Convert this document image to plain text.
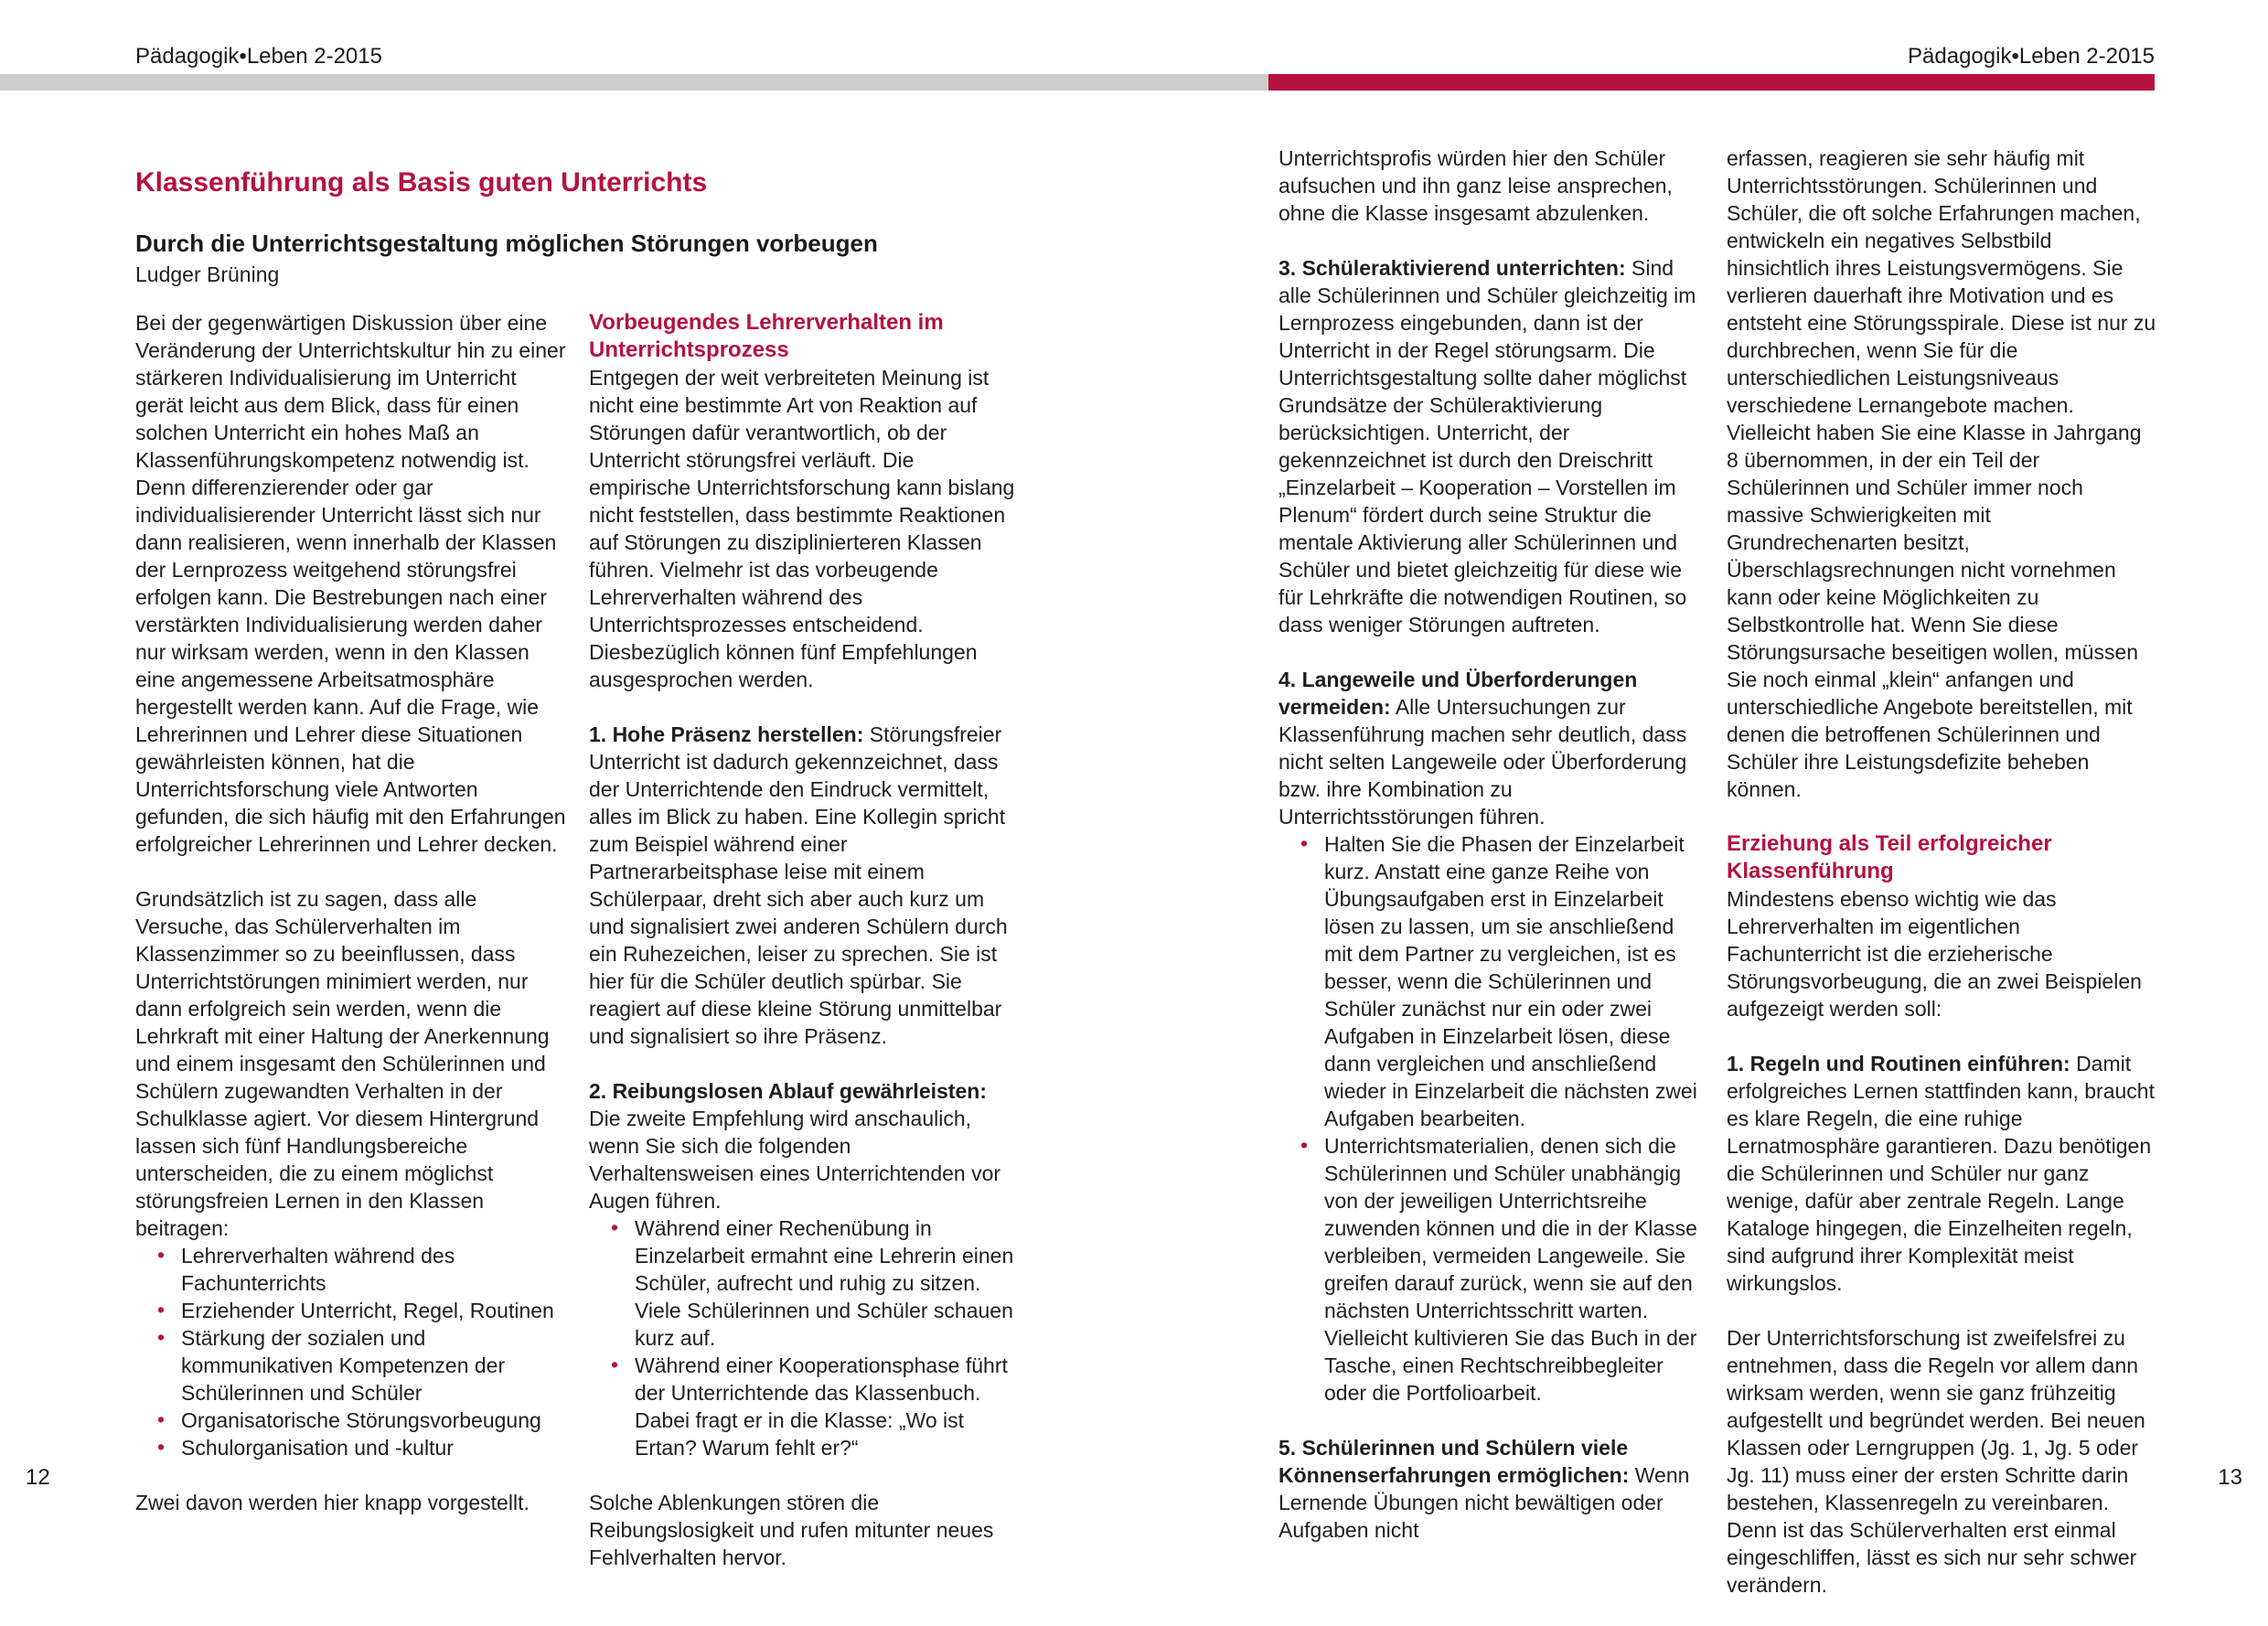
Pädagogik•Leben 2-2015	Pädagogik•Leben 2-2015
Klassenführung als Basis guten Unterrichts
Durch die Unterrichtsgestaltung möglichen Störungen vorbeugen
Ludger Brüning

Bei der gegenwärtigen Diskussion über eine Veränderung der Unterrichtskultur hin zu einer stärkeren Individualisierung im Unterricht gerät leicht aus dem Blick, dass für einen solchen Unterricht ein hohes Maß an Klassenführungskompetenz notwendig ist. Denn differenzierender oder gar individualisierender Unterricht lässt sich nur dann realisieren, wenn innerhalb der Klassen der Lernprozess weitgehend störungsfrei erfolgen kann. Die Bestrebungen nach einer verstärkten Individualisierung werden daher nur wirksam werden, wenn in den Klassen eine angemessene Arbeitsatmosphäre hergestellt werden kann. Auf die Frage, wie Lehrerinnen und Lehrer diese Situationen gewährleisten können, hat die Unterrichtsforschung viele Antworten gefunden, die sich häufig mit den Erfahrungen erfolgreicher Lehrerinnen und Lehrer decken.

Grundsätzlich ist zu sagen, dass alle Versuche, das Schülerverhalten im Klassenzimmer so zu beeinflussen, dass Unterrichtstörungen minimiert werden, nur dann erfolgreich sein werden, wenn die Lehrkraft mit einer Haltung der Anerkennung und einem insgesamt den Schülerinnen und Schülern zugewandten Verhalten in der Schulklasse agiert. Vor diesem Hintergrund lassen sich fünf Handlungsbereiche unterscheiden, die zu einem möglichst störungsfreien Lernen in den Klassen beitragen:

• Lehrerverhalten während des Fachunterrichts
• Erziehender Unterricht, Regel, Routinen
• Stärkung der sozialen und kommunikativen Kompetenzen der Schülerinnen und Schüler
• Organisatorische Störungsvorbeugung
• Schulorganisation und -kultur

Zwei davon werden hier knapp vorgestellt.

Vorbeugendes Lehrerverhalten im Unterrichtsprozess

Entgegen der weit verbreiteten Meinung ist nicht eine bestimmte Art von Reaktion auf Störungen dafür verantwortlich, ob der Unterricht störungsfrei verläuft. Die empirische Unterrichtsforschung kann bislang nicht feststellen, dass bestimmte Reaktionen auf Störungen zu disziplinierteren Klassen führen. Vielmehr ist das vorbeugende Lehrerverhalten während des Unterrichtsprozesses entscheidend. Diesbezüglich können fünf Empfehlungen ausgesprochen werden.

1. Hohe Präsenz herstellen: Störungsfreier Unterricht ist dadurch gekennzeichnet, dass der Unterrichtende den Eindruck vermittelt, alles im Blick zu haben. Eine Kollegin spricht zum Beispiel während einer Partnerarbeitsphase leise mit einem Schülerpaar, dreht sich aber auch kurz um und signalisiert zwei anderen Schülern durch ein Ruhezeichen, leiser zu sprechen. Sie ist hier für die Schüler deutlich spürbar. Sie reagiert auf diese kleine Störung unmittelbar und signalisiert so ihre Präsenz.

2. Reibungslosen Ablauf gewährleisten: Die zweite Empfehlung wird anschaulich, wenn Sie sich die folgenden Verhaltensweisen eines Unterrichtenden vor Augen führen.

• Während einer Rechenübung in Einzelarbeit ermahnt eine Lehrerin einen Schüler, aufrecht und ruhig zu sitzen. Viele Schülerinnen und Schüler schauen kurz auf.
• Während einer Kooperationsphase führt der Unterrichtende das Klassenbuch. Dabei fragt er in die Klasse: „Wo ist Ertan? Warum fehlt er?“

Solche Ablenkungen stören die Reibungslosigkeit und rufen mitunter neues Fehlverhalten hervor.

Unterrichtsprofis würden hier den Schüler aufsuchen und ihn ganz leise ansprechen, ohne die Klasse insgesamt abzulenken.

3. Schüleraktivierend unterrichten: Sind alle Schülerinnen und Schüler gleichzeitig im Lernprozess eingebunden, dann ist der Unterricht in der Regel störungsarm. Die Unterrichtsgestaltung sollte daher möglichst Grundsätze der Schüleraktivierung berücksichtigen. Unterricht, der gekennzeichnet ist durch den Dreischritt „Einzelarbeit – Kooperation – Vorstellen im Plenum“ fördert durch seine Struktur die mentale Aktivierung aller Schülerinnen und Schüler und bietet gleichzeitig für diese wie für Lehrkräfte die notwendigen Routinen, so dass weniger Störungen auftreten.

4. Langeweile und Überforderungen vermeiden: Alle Untersuchungen zur Klassenführung machen sehr deutlich, dass nicht selten Langeweile oder Überforderung bzw. ihre Kombination zu Unterrichtsstörungen führen.

• Halten Sie die Phasen der Einzelarbeit kurz. Anstatt eine ganze Reihe von Übungsaufgaben erst in Einzelarbeit lösen zu lassen, um sie anschließend mit dem Partner zu vergleichen, ist es besser, wenn die Schülerinnen und Schüler zunächst nur ein oder zwei Aufgaben in Einzelarbeit lösen, diese dann vergleichen und anschließend wieder in Einzelarbeit die nächsten zwei Aufgaben bearbeiten.
• Unterrichtsmaterialien, denen sich die Schülerinnen und Schüler unabhängig von der jeweiligen Unterrichtsreihe zuwenden können und die in der Klasse verbleiben, vermeiden Langeweile. Sie greifen darauf zurück, wenn sie auf den nächsten Unterrichtsschritt warten. Vielleicht kultivieren Sie das Buch in der Tasche, einen Rechtschreibbegleiter oder die Portfolioarbeit.

5. Schülerinnen und Schülern viele Könnenserfahrungen ermöglichen: Wenn Lernende Übungen nicht bewältigen oder Aufgaben nicht

erfassen, reagieren sie sehr häufig mit Unterrichtsstörungen. Schülerinnen und Schüler, die oft solche Erfahrungen machen, entwickeln ein negatives Selbstbild hinsichtlich ihres Leistungsvermögens. Sie verlieren dauerhaft ihre Motivation und es entsteht eine Störungsspirale. Diese ist nur zu durchbrechen, wenn Sie für die unterschiedlichen Leistungsniveaus verschiedene Lernangebote machen. Vielleicht haben Sie eine Klasse in Jahrgang 8 übernommen, in der ein Teil der Schülerinnen und Schüler immer noch massive Schwierigkeiten mit Grundrechenarten besitzt, Überschlagsrechnungen nicht vornehmen kann oder keine Möglichkeiten zu Selbstkontrolle hat. Wenn Sie diese Störungsursache beseitigen wollen, müssen Sie noch einmal „klein“ anfangen und unterschiedliche Angebote bereitstellen, mit denen die betroffenen Schülerinnen und Schüler ihre Leistungsdefizite beheben können.

Erziehung als Teil erfolgreicher Klassenführung

Mindestens ebenso wichtig wie das Lehrerverhalten im eigentlichen Fachunterricht ist die erzieherische Störungsvorbeugung, die an zwei Beispielen aufgezeigt werden soll:

1. Regeln und Routinen einführen: Damit erfolgreiches Lernen stattfinden kann, braucht es klare Regeln, die eine ruhige Lernatmosphäre garantieren. Dazu benötigen die Schülerinnen und Schüler nur ganz wenige, dafür aber zentrale Regeln. Lange Kataloge hingegen, die Einzelheiten regeln, sind aufgrund ihrer Komplexität meist wirkungslos.

Der Unterrichtsforschung ist zweifelsfrei zu entnehmen, dass die Regeln vor allem dann wirksam werden, wenn sie ganz frühzeitig aufgestellt und begründet werden. Bei neuen Klassen oder Lerngruppen (Jg. 1, Jg. 5 oder Jg. 11) muss einer der ersten Schritte darin bestehen, Klassenregeln zu vereinbaren. Denn ist das Schülerverhalten erst einmal eingeschliffen, lässt es sich nur sehr schwer verändern.

12	13
